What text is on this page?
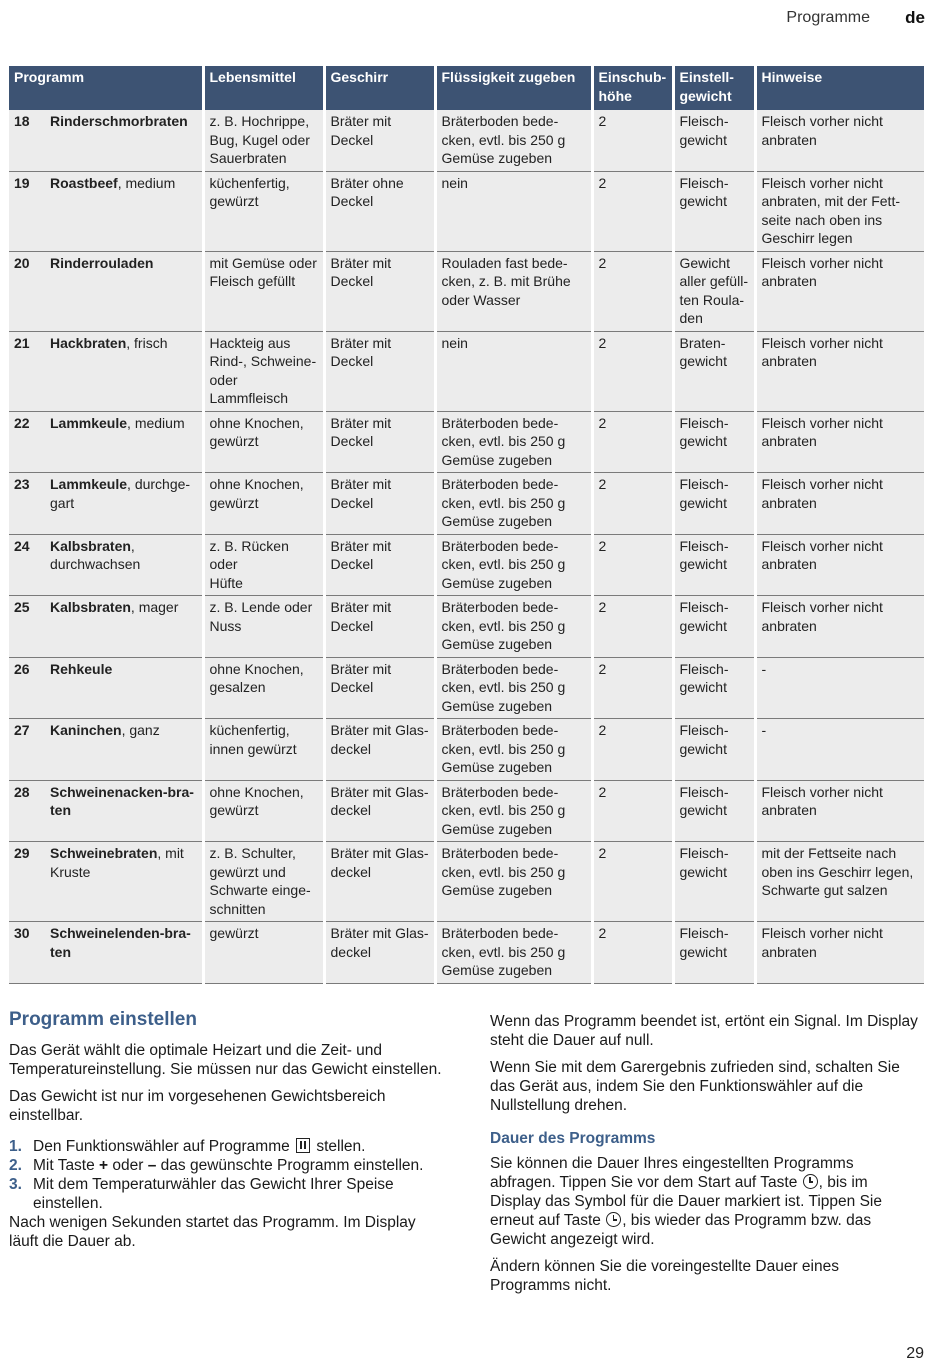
Programme de
Programm	Lebensmittel	Geschirr	Flüssigkeit zugeben	Einschub-
höhe	Einstell-
gewicht	Hinweise

18 Rinderschmorbraten	z. B. Hochrippe,
Bug, Kugel oder
Sauerbraten	Bräter mit
Deckel	Bräterboden bede-
cken, evtl. bis 250 g
Gemüse zugeben	2	Fleisch-
gewicht	Fleisch vorher nicht
anbraten

19 Roastbeef, medium	küchenfertig,
gewürzt	Bräter ohne
Deckel	nein	2	Fleisch-
gewicht	Fleisch vorher nicht
anbraten, mit der Fett-
seite nach oben ins
Geschirr legen

20 Rinderrouladen	mit Gemüse oder
Fleisch gefüllt	Bräter mit
Deckel	Rouladen fast bede-
cken, z. B. mit Brühe
oder Wasser	2	Gewicht
aller gefüll-
ten Roula-
den	Fleisch vorher nicht
anbraten

21 Hackbraten, frisch	Hackteig aus
Rind-, Schweine-
oder Lammfleisch	Bräter mit
Deckel	nein	2	Braten-
gewicht	Fleisch vorher nicht
anbraten

22 Lammkeule, medium	ohne Knochen,
gewürzt	Bräter mit
Deckel	Bräterboden bede-
cken, evtl. bis 250 g
Gemüse zugeben	2	Fleisch-
gewicht	Fleisch vorher nicht
anbraten

23 Lammkeule, durchge-
gart	ohne Knochen,
gewürzt	Bräter mit
Deckel	Bräterboden bede-
cken, evtl. bis 250 g
Gemüse zugeben	2	Fleisch-
gewicht	Fleisch vorher nicht
anbraten

24 Kalbsbraten,
durchwachsen	z. B. Rücken oder
Hüfte	Bräter mit
Deckel	Bräterboden bede-
cken, evtl. bis 250 g
Gemüse zugeben	2	Fleisch-
gewicht	Fleisch vorher nicht
anbraten

25 Kalbsbraten, mager	z. B. Lende oder
Nuss	Bräter mit
Deckel	Bräterboden bede-
cken, evtl. bis 250 g
Gemüse zugeben	2	Fleisch-
gewicht	Fleisch vorher nicht
anbraten

26 Rehkeule	ohne Knochen,
gesalzen	Bräter mit
Deckel	Bräterboden bede-
cken, evtl. bis 250 g
Gemüse zugeben	2	Fleisch-
gewicht	-

27 Kaninchen, ganz	küchenfertig,
innen gewürzt	Bräter mit Glas-
deckel	Bräterboden bede-
cken, evtl. bis 250 g
Gemüse zugeben	2	Fleisch-
gewicht	-

28 Schweinenacken-bra-
ten	ohne Knochen,
gewürzt	Bräter mit Glas-
deckel	Bräterboden bede-
cken, evtl. bis 250 g
Gemüse zugeben	2	Fleisch-
gewicht	Fleisch vorher nicht
anbraten

29 Schweinebraten, mit
Kruste	z. B. Schulter,
gewürzt und
Schwarte einge-
schnitten	Bräter mit Glas-
deckel	Bräterboden bede-
cken, evtl. bis 250 g
Gemüse zugeben	2	Fleisch-
gewicht	mit der Fettseite nach
oben ins Geschirr legen,
Schwarte gut salzen

30 Schweinelenden-bra-
ten	gewürzt	Bräter mit Glas-
deckel	Bräterboden bede-
cken, evtl. bis 250 g
Gemüse zugeben	2	Fleisch-
gewicht	Fleisch vorher nicht
anbraten
Programm einstellen

Das Gerät wählt die optimale Heizart und die Zeit- und Temperatureinstellung. Sie müssen nur das Gewicht einstellen.

Das Gewicht ist nur im vorgesehenen Gewichtsbereich einstellbar.

1. Den Funktionswähler auf Programme  stellen.
2. Mit Taste + oder – das gewünschte Programm einstellen.
3. Mit dem Temperaturwähler das Gewicht Ihrer Speise einstellen.

Nach wenigen Sekunden startet das Programm. Im Display läuft die Dauer ab.

Wenn das Programm beendet ist, ertönt ein Signal. Im Display steht die Dauer auf null.

Wenn Sie mit dem Garergebnis zufrieden sind, schalten Sie das Gerät aus, indem Sie den Funktionswähler auf die Nullstellung drehen.

Dauer des Programms

Sie können die Dauer Ihres eingestellten Programms abfragen. Tippen Sie vor dem Start auf Taste , bis im Display das Symbol für die Dauer markiert ist. Tippen Sie erneut auf Taste , bis wieder das Programm bzw. das Gewicht angezeigt wird.

Ändern können Sie die voreingestellte Dauer eines Programms nicht.

29
